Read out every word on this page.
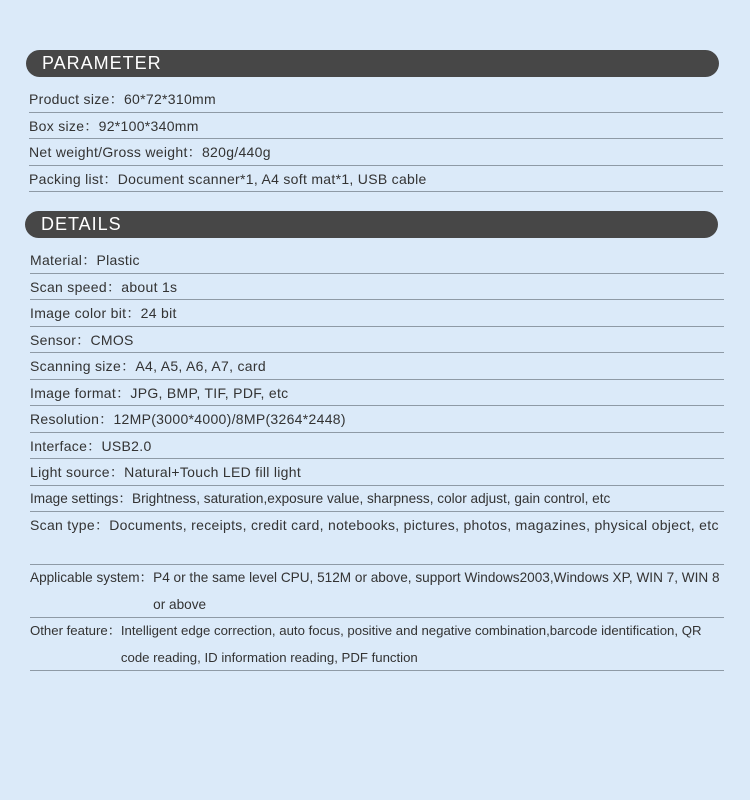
PARAMETER
Product size：60*72*310mm
Box size：92*100*340mm
Net weight/Gross weight：820g/440g
Packing list：Document scanner*1, A4 soft mat*1, USB cable
DETAILS
Material：Plastic
Scan speed：about 1s
Image color bit：24 bit
Sensor：CMOS
Scanning size：A4, A5, A6, A7, card
Image format：JPG, BMP, TIF, PDF, etc
Resolution：12MP(3000*4000)/8MP(3264*2448)
Interface：USB2.0
Light source：Natural+Touch LED fill light
Image settings：Brightness, saturation,exposure value, sharpness, color adjust, gain control, etc
Scan type： Documents, receipts, credit card, notebooks, pictures, photos, magazines, physical object, etc
Applicable system： P4 or the same level CPU, 512M or above, support Windows2003,Windows XP, WIN 7, WIN 8 or above
Other feature： Intelligent edge correction, auto focus, positive and negative combination,barcode identification, QR code reading, ID information reading, PDF function
